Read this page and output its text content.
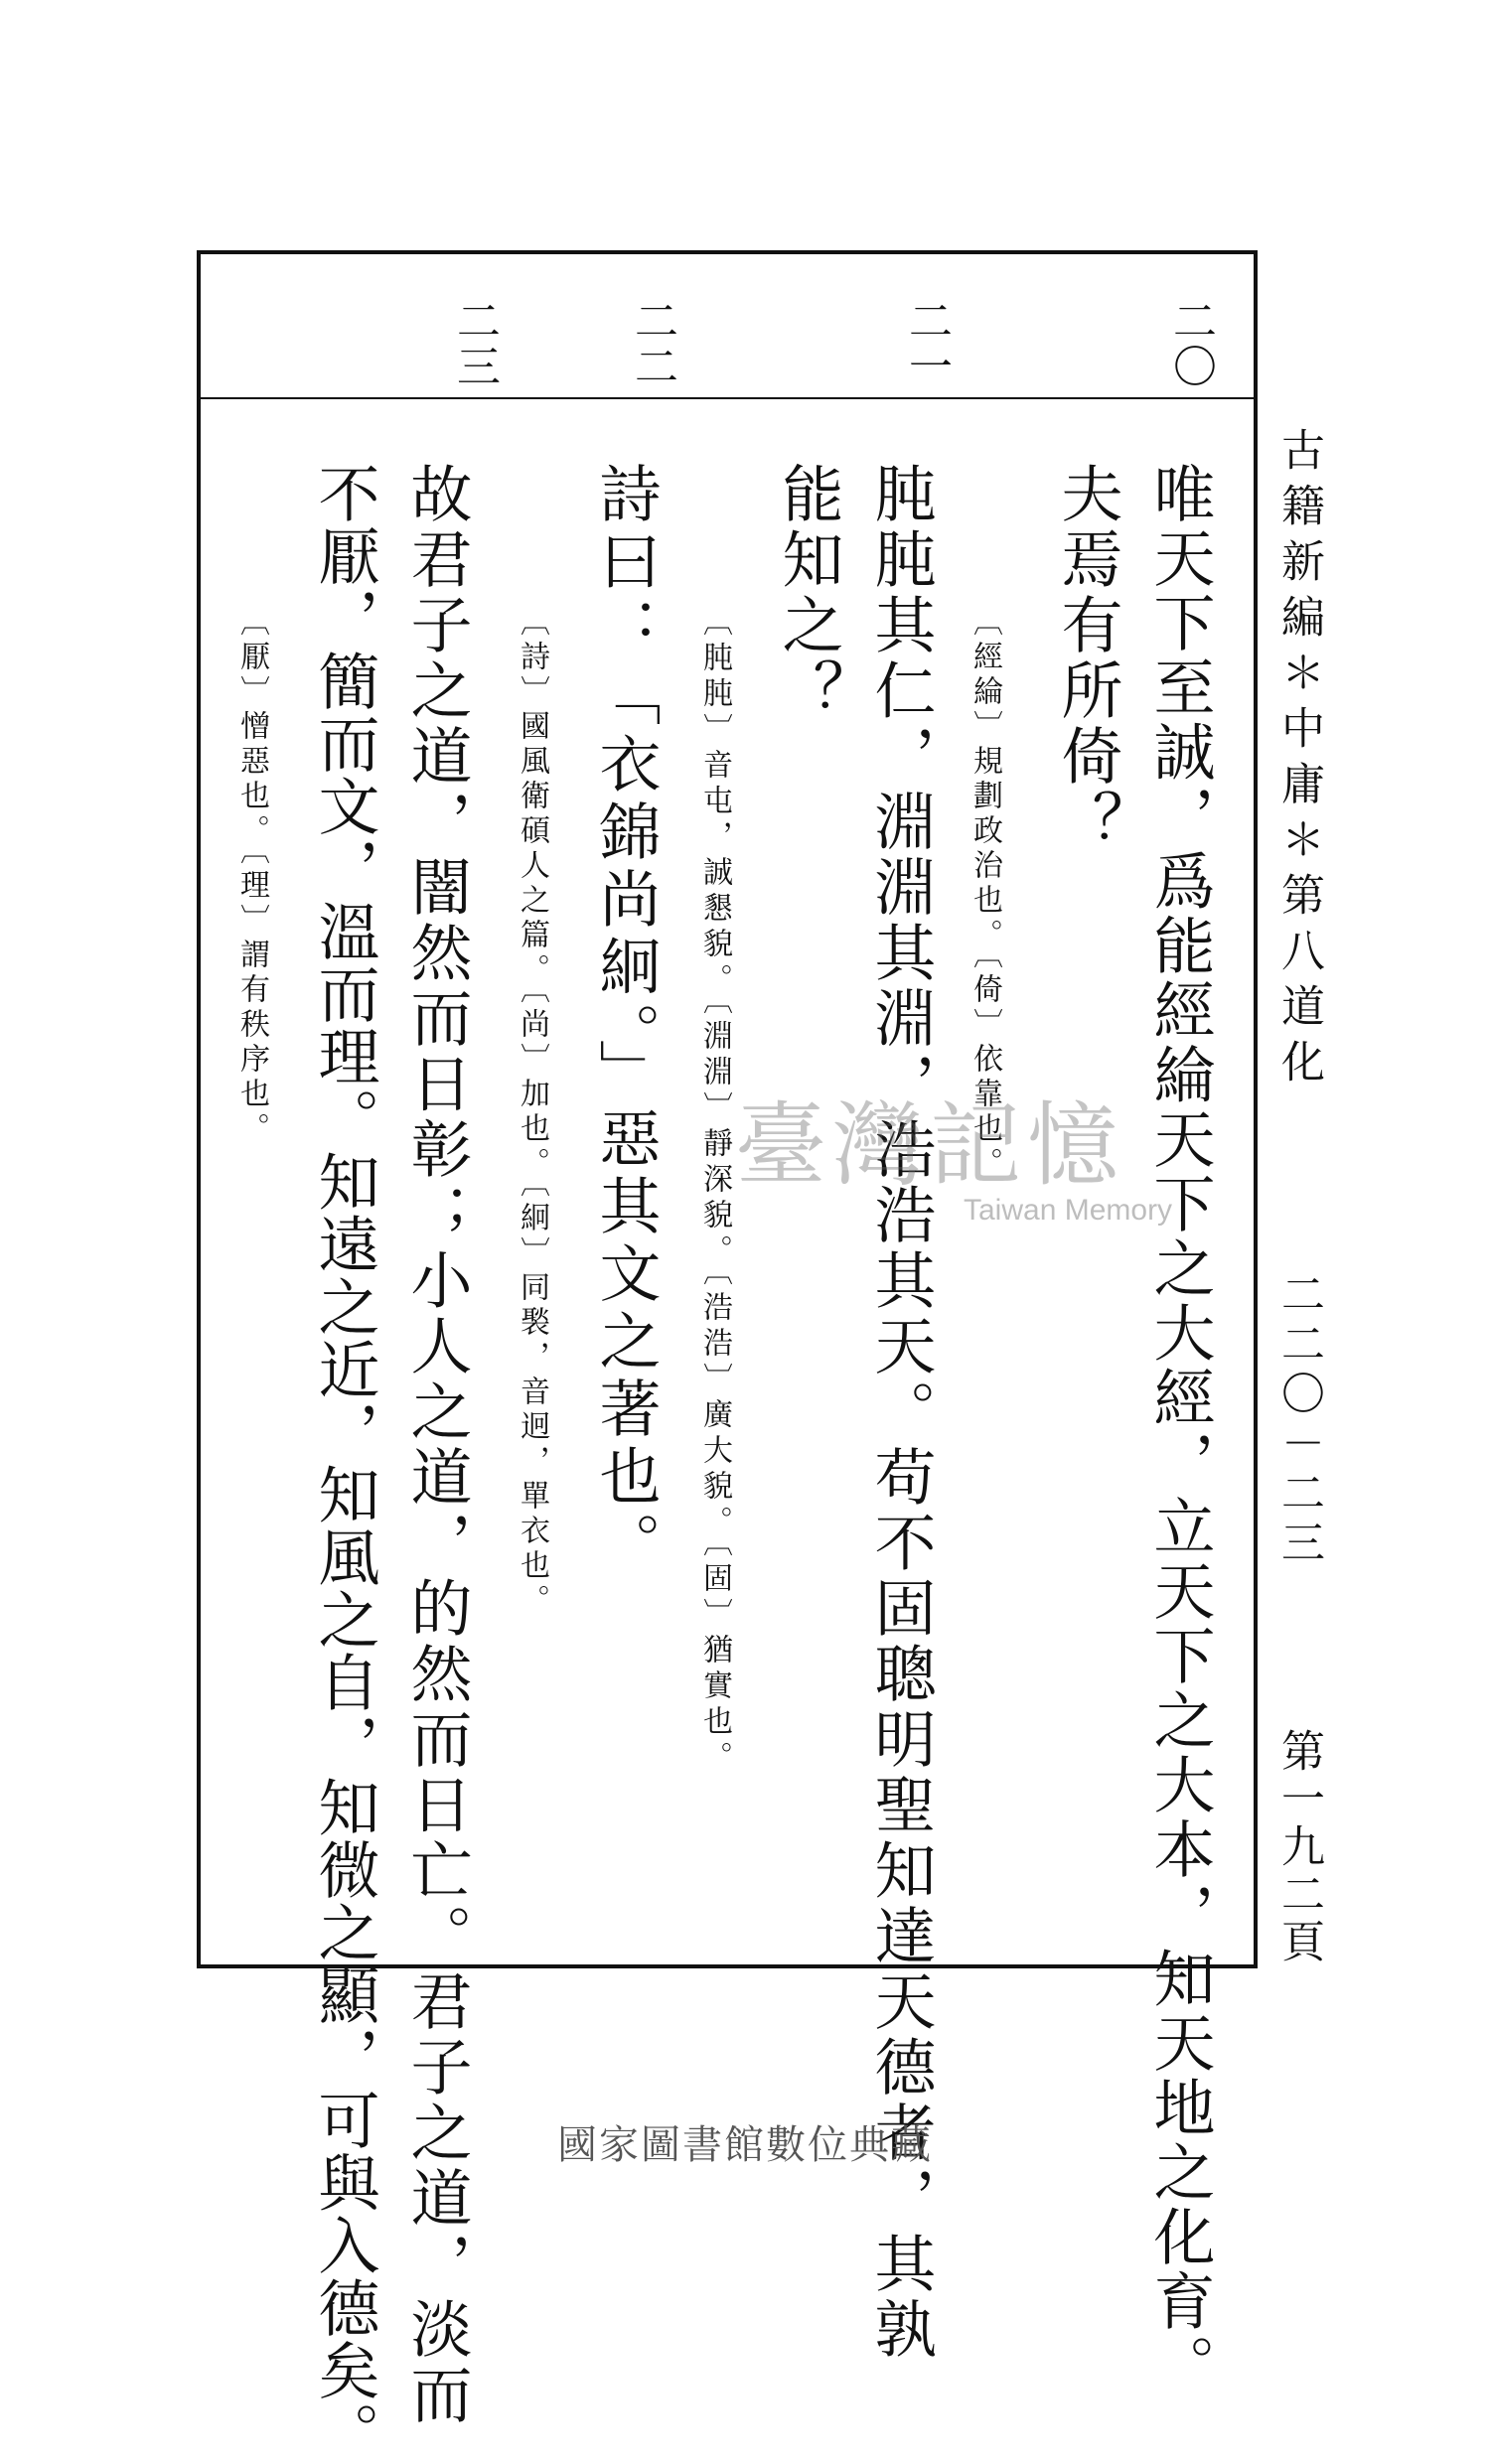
二〇
二一
二二
二三
唯天下至誠，爲能經綸天下之大經，立天下之大本，知天地之化育。
夫焉有所倚？
〔經綸〕規劃政治也。〔倚〕依靠也。
肫肫其仁，淵淵其淵，浩浩其天。苟不固聰明聖知達天德者，其孰
能知之？
〔肫肫〕音屯，誠懇貌。〔淵淵〕靜深貌。〔浩浩〕廣大貌。〔固〕猶實也。
詩曰：「衣錦尚絅。」惡其文之著也。
〔詩〕國風衛碩人之篇。〔尚〕加也。〔絅〕同褧，音迥，單衣也。
故君子之道，闇然而日彰；小人之道，的然而日亡。君子之道，淡而
不厭，簡而文，溫而理。知遠之近，知風之自，知微之顯，可與入德矣。
〔厭〕憎惡也。〔理〕謂有秩序也。	古籍新編＊中庸＊第八道化
二二〇－二三
第一九二頁
臺灣記憶
Taiwan Memory
國家圖書館數位典藏
